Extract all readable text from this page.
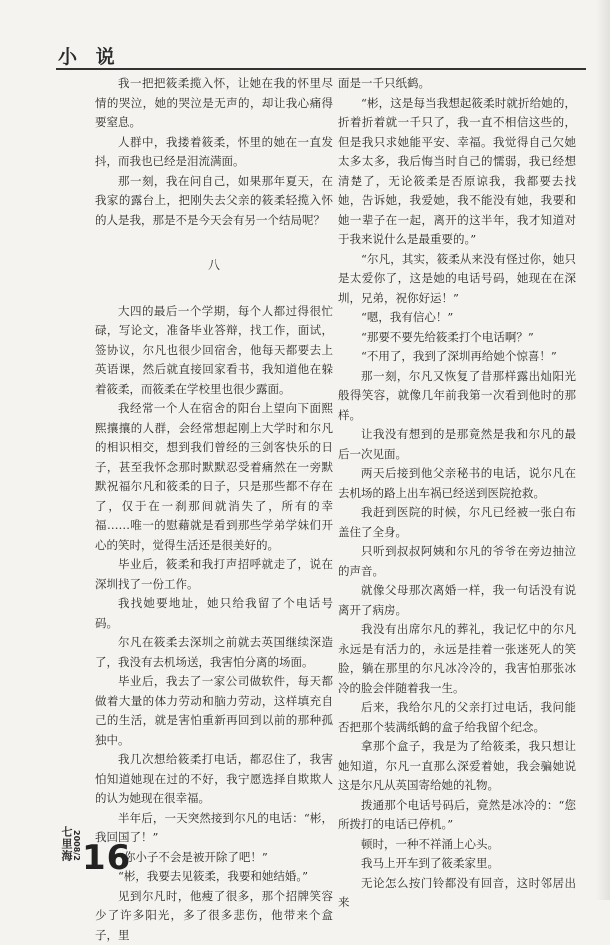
小 说

我一把把筱柔揽入怀，让她在我的怀里尽情的哭泣，她的哭泣是无声的，却让我心痛得要窒息。

人群中，我搂着筱柔，怀里的她在一直发抖，而我也已经是泪流满面。

那一刻，我在问自己，如果那年夏天，在我家的露台上，把刚失去父亲的筱柔轻揽入怀的人是我，那是不是今天会有另一个结局呢？

八

大四的最后一个学期，每个人都过得很忙碌，写论文，准备毕业答辩，找工作，面试，签协议，尔凡也很少回宿舍，他每天都要去上英语课，然后就直接回家看书，我知道他在躲着筱柔，而筱柔在学校里也很少露面。

我经常一个人在宿舍的阳台上望向下面熙熙攘攘的人群，会经常想起刚上大学时和尔凡的相识相交，想到我们曾经的三剑客快乐的日子，甚至我怀念那时默默忍受着痛然在一旁默默祝福尔凡和筱柔的日子，只是那些都不存在了，仅于在一刹那间就消失了，所有的幸福……唯一的慰藉就是看到那些学弟学妹们开心的笑时，觉得生活还是很美好的。

毕业后，筱柔和我打声招呼就走了，说在深圳找了一份工作。

我找她要地址，她只给我留了个电话号码。

尔凡在筱柔去深圳之前就去英国继续深造了，我没有去机场送，我害怕分离的场面。

毕业后，我去了一家公司做软件，每天都做着大量的体力劳动和脑力劳动，这样填充自己的生活，就是害怕重新再回到以前的那种孤独中。

我几次想给筱柔打电话，都忍住了，我害怕知道她现在过的不好，我宁愿选择自欺欺人的认为她现在很幸福。

半年后，一天突然接到尔凡的电话：“彬，我回国了！”

“你小子不会是被开除了吧！”

“彬，我要去见筱柔，我要和她结婚。”

见到尔凡时，他瘦了很多，那个招牌笑容少了许多阳光，多了很多悲伤，他带来个盒子，里

面是一千只纸鹤。

“彬，这是每当我想起筱柔时就折给她的，折着折着就一千只了，我一直不相信这些的，但是我只求她能平安、幸福。我觉得自己欠她太多太多，我后悔当时自己的懦弱，我已经想清楚了，无论筱柔是否原谅我，我都要去找她，告诉她，我爱她，我不能没有她，我要和她一辈子在一起，离开的这半年，我才知道对于我来说什么是最重要的。”

“尔凡，其实，筱柔从来没有怪过你，她只是太爱你了，这是她的电话号码，她现在在深圳，兄弟，祝你好运！”

“嗯，我有信心！”

“那要不要先给筱柔打个电话啊？”

“不用了，我到了深圳再给她个惊喜！”

那一刻，尔凡又恢复了昔那样露出灿阳光般得笑容，就像几年前我第一次看到他时的那样。

让我没有想到的是那竟然是我和尔凡的最后一次见面。

两天后接到他父亲秘书的电话，说尔凡在去机场的路上出车祸已经送到医院抢救。

我赶到医院的时候，尔凡已经被一张白布盖住了全身。

只听到叔叔阿姨和尔凡的爷爷在旁边抽泣的声音。

就像父母那次离婚一样，我一句话没有说离开了病房。

我没有出席尔凡的葬礼，我记忆中的尔凡永远是有活力的，永远是挂着一张迷死人的笑脸，躺在那里的尔凡冰冷冷的，我害怕那张冰冷的脸会伴随着我一生。

后来，我给尔凡的父亲打过电话，我问能否把那个装满纸鹤的盒子给我留个纪念。

拿那个盒子，我是为了给筱柔，我只想让她知道，尔凡一直那么深爱着她，我会骗她说这是尔凡从英国寄给她的礼物。

拨通那个电话号码后，竟然是冰冷的：“您所拨打的电话已停机。”

顿时，一种不祥涌上心头。

我马上开车到了筱柔家里。

无论怎么按门铃都没有回音，这时邻居出来

七里海 2008/2 16
